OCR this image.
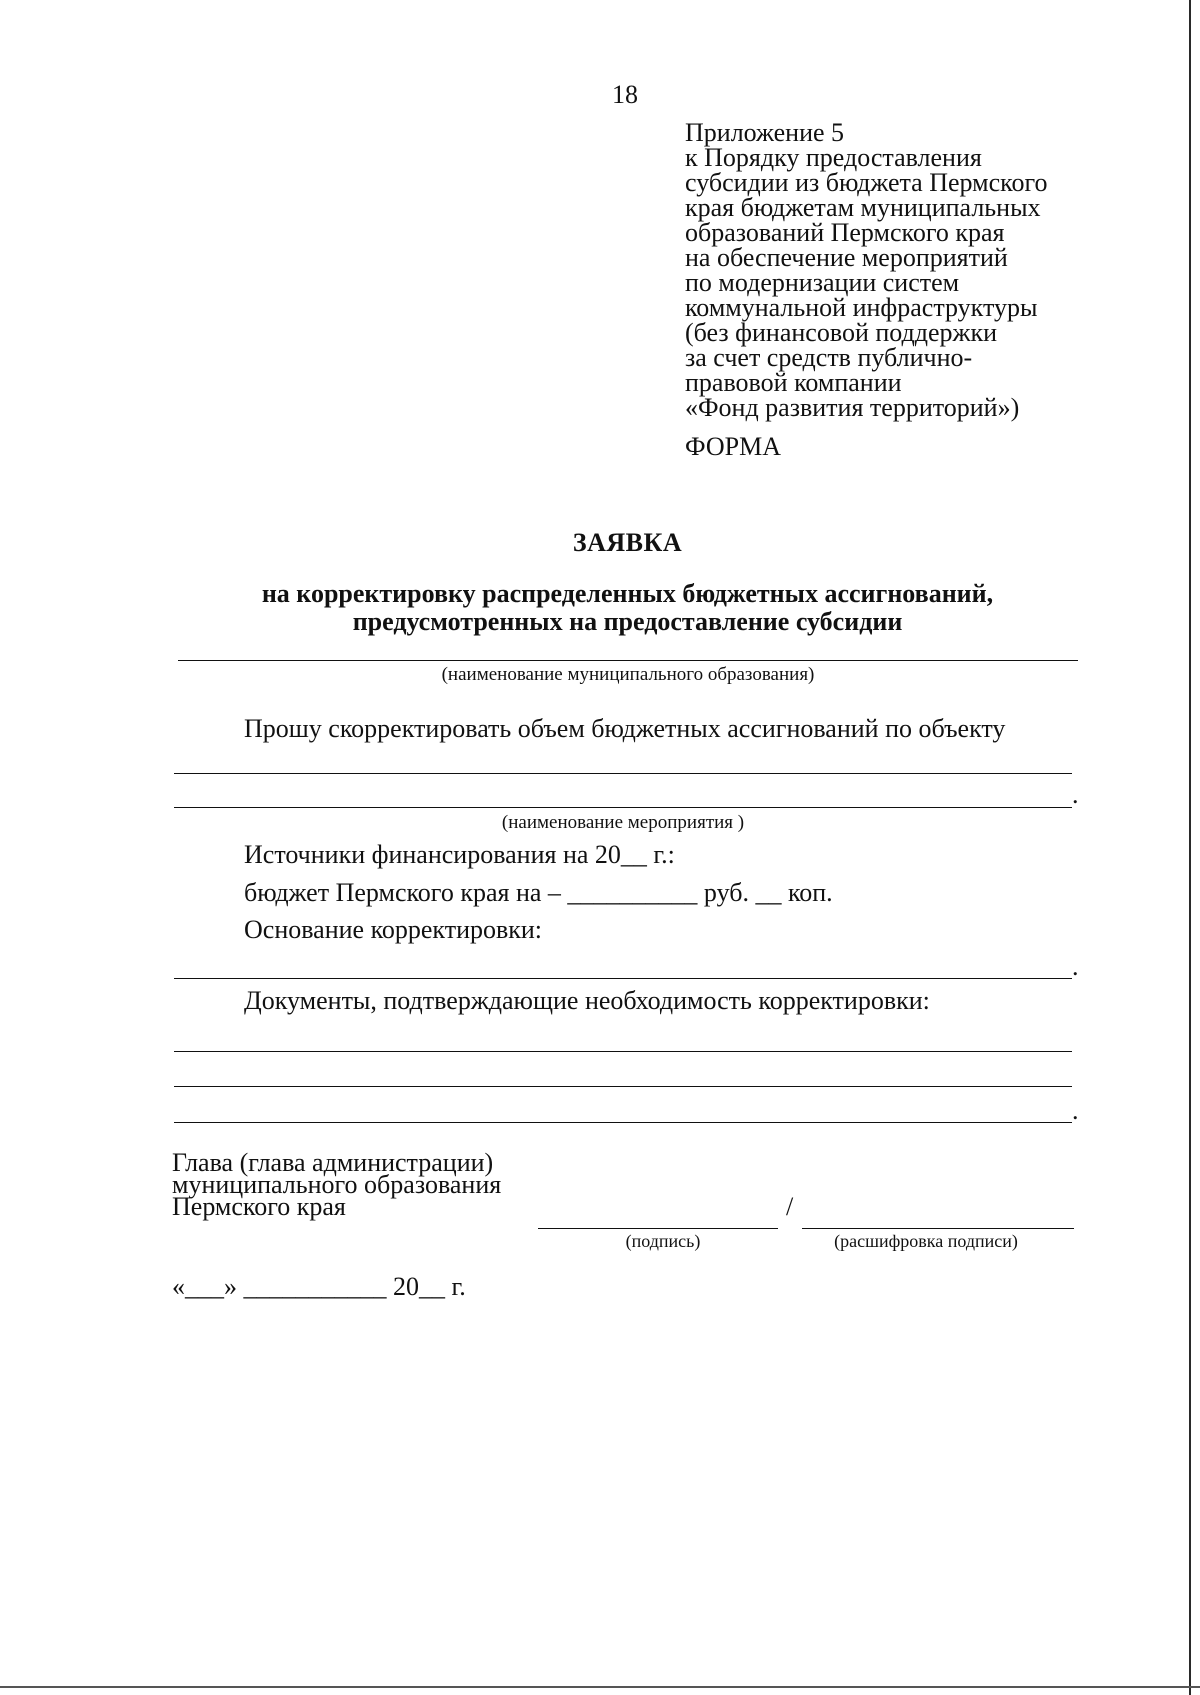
18
Приложение 5
к Порядку предоставления
субсидии из бюджета Пермского
края бюджетам муниципальных
образований Пермского края
на обеспечение мероприятий
по модернизации систем
коммунальной инфраструктуры
(без финансовой поддержки
за счет средств публично-
правовой компании
«Фонд развития территорий»)
ФОРМА
ЗАЯВКА
на корректировку распределенных бюджетных ассигнований,
предусмотренных на предоставление субсидии
(наименование муниципального образования)
Прошу скорректировать объем бюджетных ассигнований по объекту
.
(наименование мероприятия )
Источники финансирования на 20__ г.:
бюджет Пермского края на – __________ руб. __ коп.
Основание корректировки:
.
Документы, подтверждающие необходимость корректировки:
.
Глава (глава администрации)
муниципального образования
Пермского края	/
(подпись)	(расшифровка подписи)
«___» ___________ 20__ г.
